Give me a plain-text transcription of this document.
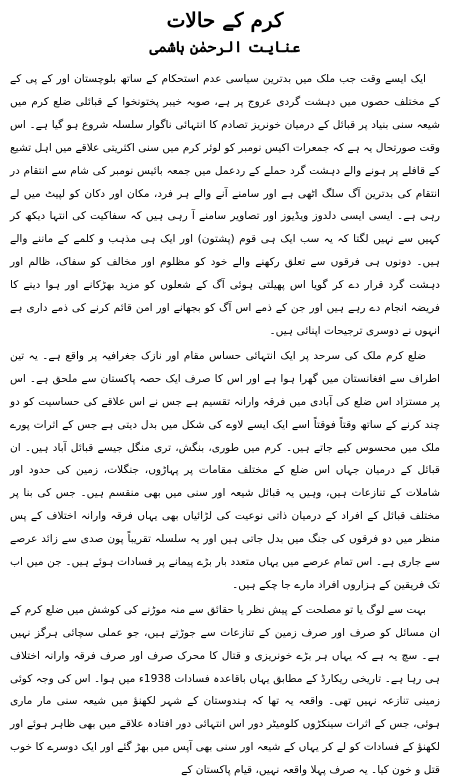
کرم کے حالات
عنایت الرحمٰن ہاشمی

ایک ایسے وقت جب ملک میں بدترین سیاسی عدم استحکام کے ساتھ بلوچستان اور کے پی کے کے مختلف حصوں میں دہشت گردی عروج پر ہے، صوبہ خیبر پختونخوا کے قبائلی ضلع کرم میں شیعہ سنی بنیاد پر قبائل کے درمیان خونریز تصادم کا انتہائی ناگوار سلسلہ شروع ہو گیا ہے۔ اس وقت صورتحال یہ ہے کہ جمعرات اکیس نومبر کو لوئر کرم میں سنی اکثریتی علاقے میں اہل تشیع کے قافلے پر ہونے والے دہشت گرد حملے کے ردعمل میں جمعہ بائیس نومبر کی شام سے انتقام در انتقام کی بدترین آگ سلگ اٹھی ہے اور سامنے آنے والے ہر فرد، مکان اور دکان کو لپیٹ میں لے رہی ہے۔ ایسی ایسی دلدوز ویڈیوز اور تصاویر سامنے آ رہی ہیں کہ سفاکیت کی انتہا دیکھ کر کہیں سے نہیں لگتا کہ یہ سب ایک ہی قوم (پشتون) اور ایک ہی مذہب و کلمے کے ماننے والے ہیں۔ دونوں ہی فرقوں سے تعلق رکھنے والے خود کو مظلوم اور مخالف کو سفاک، ظالم اور دہشت گرد قرار دے کر گویا اس پھیلتی ہوئی آگ کے شعلوں کو مزید بھڑکانے اور ہوا دینے کا فریضہ انجام دے رہے ہیں اور جن کے ذمے اس آگ کو بجھانے اور امن قائم کرنے کی ذمے داری ہے انہوں نے دوسری ترجیحات اپنائی ہیں۔

ضلع کرم ملک کی سرحد پر ایک انتہائی حساس مقام اور نازک جغرافیہ پر واقع ہے۔ یہ تین اطراف سے افغانستان میں گھرا ہوا ہے اور اس کا صرف ایک حصہ پاکستان سے ملحق ہے۔ اس پر مستزاد اس ضلع کی آبادی میں فرقہ وارانہ تقسیم ہے جس نے اس علاقے کی حساسیت کو دو چند کرنے کے ساتھ وقتاً فوقتاً اسے ایک ایسے لاوے کی شکل میں بدل دیتی ہے جس کے اثرات پورے ملک میں محسوس کیے جاتے ہیں۔ کرم میں طوری، بنگش، تری منگل جیسے قبائل آباد ہیں۔ ان قبائل کے درمیان جہاں اس ضلع کے مختلف مقامات پر پہاڑوں، جنگلات، زمین کی حدود اور شاملات کے تنازعات ہیں، وہیں یہ قبائل شیعہ اور سنی میں بھی منقسم ہیں۔ جس کی بنا پر مختلف قبائل کے افراد کے درمیان ذاتی نوعیت کی لڑائیاں بھی یہاں فرقہ وارانہ اختلاف کے پس منظر میں دو فرقوں کی جنگ میں بدل جاتی ہیں اور یہ سلسلہ تقریباً پون صدی سے زائد عرصے سے جاری ہے۔ اس تمام عرصے میں یہاں متعدد بار بڑے پیمانے پر فسادات ہوئے ہیں۔ جن میں اب تک فریقین کے ہزاروں افراد مارے جا چکے ہیں۔

بہت سے لوگ یا تو مصلحت کے پیش نظر یا حقائق سے منہ موڑنے کی کوشش میں ضلع کرم کے ان مسائل کو صرف اور صرف زمین کے تنازعات سے جوڑتے ہیں، جو عملی سچائی ہرگز نہیں ہے۔ سچ یہ ہے کہ یہاں ہر بڑے خونریزی و قتال کا محرک صرف اور صرف فرقہ وارانہ اختلاف ہی رہا ہے۔ تاریخی ریکارڈ کے مطابق یہاں باقاعدہ فسادات 1938ء میں ہوا۔ اس کی وجہ کوئی زمینی تنازعہ نہیں تھی۔ واقعہ یہ تھا کہ ہندوستان کے شہر لکھنؤ میں شیعہ سنی مار ماری ہوئی، جس کے اثرات سینکڑوں کلومیٹر دور اس انتہائی دور افتادہ علاقے میں بھی ظاہر ہوئے اور لکھنؤ کے فسادات کو لے کر یہاں کے شیعہ اور سنی بھی آپس میں بھڑ گئے اور ایک دوسرے کا خوب قتل و خون کیا۔ یہ صرف پہلا واقعہ نہیں، قیام پاکستان کے
